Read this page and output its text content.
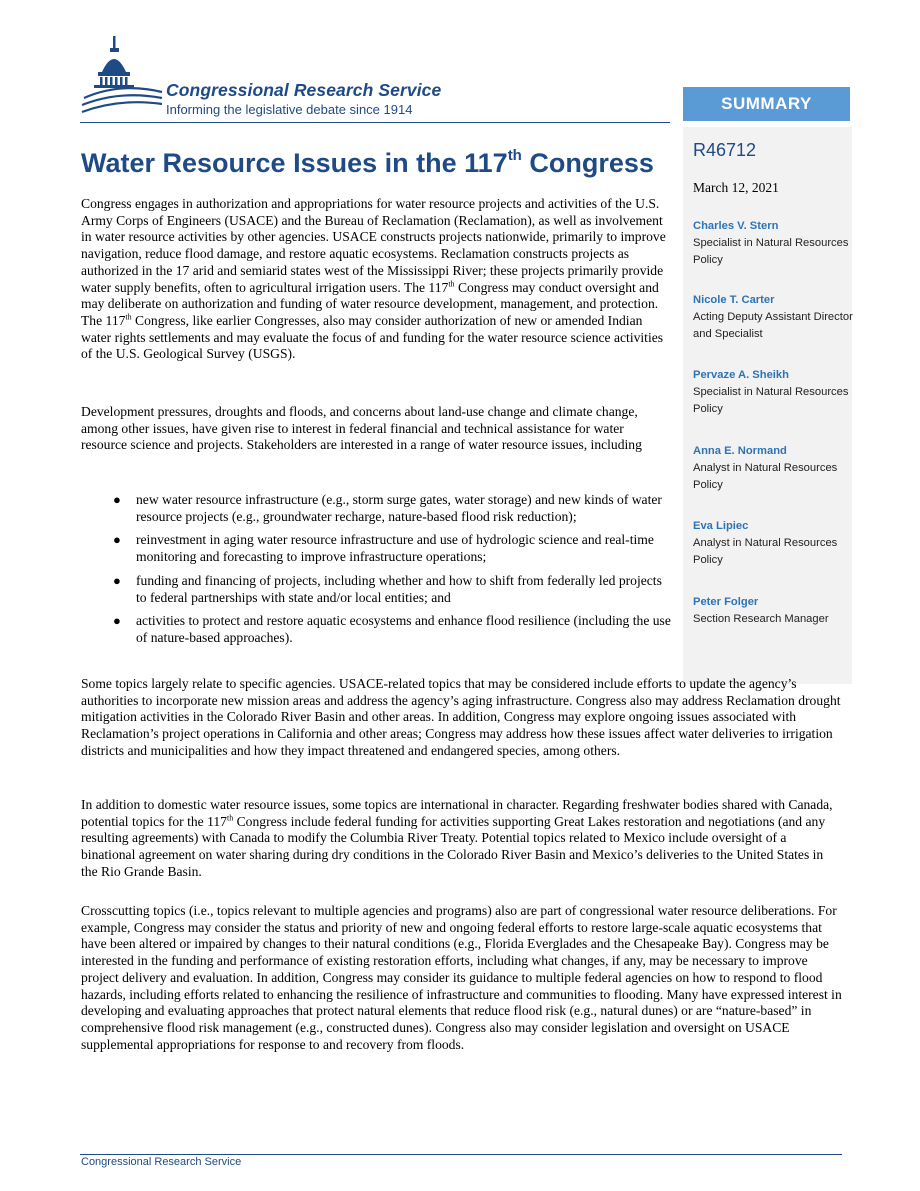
Congressional Research Service
Informing the legislative debate since 1914	SUMMARY
R46712
March 12, 2021
Charles V. Stern
Specialist in Natural Resources Policy
Nicole T. Carter
Acting Deputy Assistant Director and Specialist
Pervaze A. Sheikh
Specialist in Natural Resources Policy
Anna E. Normand
Analyst in Natural Resources Policy
Eva Lipiec
Analyst in Natural Resources Policy
Peter Folger
Section Research Manager
Water Resource Issues in the 117th Congress
Congress engages in authorization and appropriations for water resource projects and activities of the U.S. Army Corps of Engineers (USACE) and the Bureau of Reclamation (Reclamation), as well as involvement in water resource activities by other agencies. USACE constructs projects nationwide, primarily to improve navigation, reduce flood damage, and restore aquatic ecosystems. Reclamation constructs projects as authorized in the 17 arid and semiarid states west of the Mississippi River; these projects primarily provide water supply benefits, often to agricultural irrigation users. The 117th Congress may conduct oversight and may deliberate on authorization and funding of water resource development, management, and protection. The 117th Congress, like earlier Congresses, also may consider authorization of new or amended Indian water rights settlements and may evaluate the focus of and funding for the water resource science activities of the U.S. Geological Survey (USGS).
Development pressures, droughts and floods, and concerns about land-use change and climate change, among other issues, have given rise to interest in federal financial and technical assistance for water resource science and projects. Stakeholders are interested in a range of water resource issues, including
● new water resource infrastructure (e.g., storm surge gates, water storage) and new kinds of water resource projects (e.g., groundwater recharge, nature-based flood risk reduction);
● reinvestment in aging water resource infrastructure and use of hydrologic science and real-time monitoring and forecasting to improve infrastructure operations;
● funding and financing of projects, including whether and how to shift from federally led projects to federal partnerships with state and/or local entities; and
● activities to protect and restore aquatic ecosystems and enhance flood resilience (including the use of nature-based approaches).
Some topics largely relate to specific agencies. USACE-related topics that may be considered include efforts to update the agency’s authorities to incorporate new mission areas and address the agency’s aging infrastructure. Congress also may address Reclamation drought mitigation activities in the Colorado River Basin and other areas. In addition, Congress may explore ongoing issues associated with Reclamation’s project operations in California and other areas; Congress may address how these issues affect water deliveries to irrigation districts and municipalities and how they impact threatened and endangered species, among others.
In addition to domestic water resource issues, some topics are international in character. Regarding freshwater bodies shared with Canada, potential topics for the 117th Congress include federal funding for activities supporting Great Lakes restoration and negotiations (and any resulting agreements) with Canada to modify the Columbia River Treaty. Potential topics related to Mexico include oversight of a binational agreement on water sharing during dry conditions in the Colorado River Basin and Mexico’s deliveries to the United States in the Rio Grande Basin.
Crosscutting topics (i.e., topics relevant to multiple agencies and programs) also are part of congressional water resource deliberations. For example, Congress may consider the status and priority of new and ongoing federal efforts to restore large-scale aquatic ecosystems that have been altered or impaired by changes to their natural conditions (e.g., Florida Everglades and the Chesapeake Bay). Congress may be interested in the funding and performance of existing restoration efforts, including what changes, if any, may be necessary to improve project delivery and evaluation. In addition, Congress may consider its guidance to multiple federal agencies on how to respond to flood hazards, including efforts related to enhancing the resilience of infrastructure and communities to flooding. Many have expressed interest in developing and evaluating approaches that protect natural elements that reduce flood risk (e.g., natural dunes) or are “nature-based” in comprehensive flood risk management (e.g., constructed dunes). Congress also may consider legislation and oversight on USACE supplemental appropriations for response to and recovery from floods.
Congressional Research Service
